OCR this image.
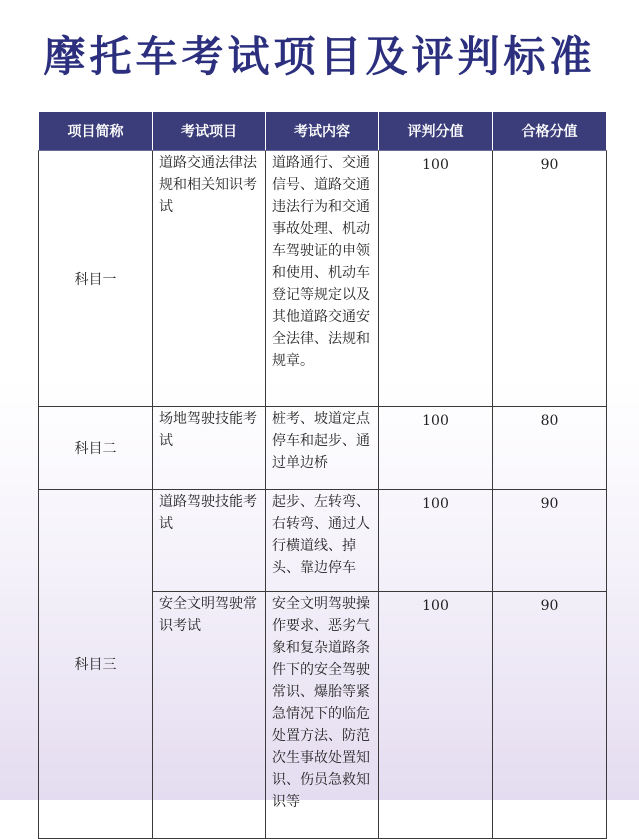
摩托车考试项目及评判标准
项目简称	考试项目	考试内容	评判分值	合格分值
科目一	道路交通法律法规和相关知识考试	道路通行、交通信号、道路交通违法行为和交通事故处理、机动车驾驶证的申领和使用、机动车登记等规定以及其他道路交通安全法律、法规和规章。	100	90
科目二	场地驾驶技能考试	桩考、坡道定点停车和起步、通过单边桥	100	80
科目三	道路驾驶技能考试	起步、左转弯、右转弯、通过人行横道线、掉头、靠边停车	100	90
	安全文明驾驶常识考试	安全文明驾驶操作要求、恶劣气象和复杂道路条件下的安全驾驶常识、爆胎等紧急情况下的临危处置方法、防范次生事故处置知识、伤员急救知识等	100	90
